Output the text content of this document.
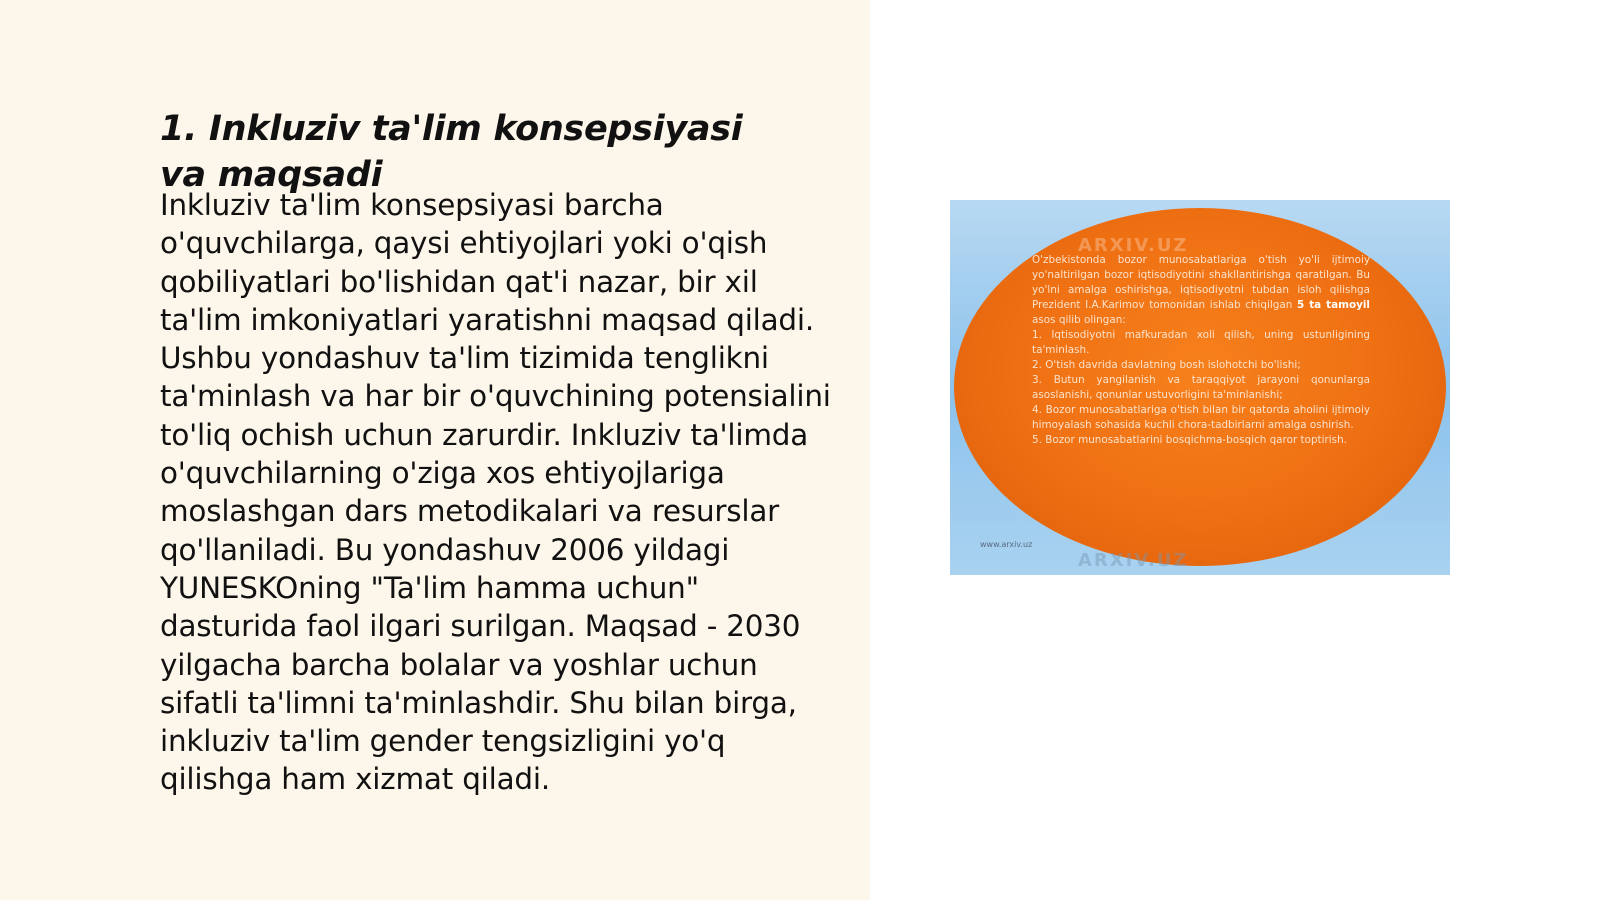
1. Inkluziv ta'lim konsepsiyasi va maqsadi

Inkluziv ta'lim konsepsiyasi barcha o'quvchilarga, qaysi ehtiyojlari yoki o'qish qobiliyatlari bo'lishidan qat'i nazar, bir xil ta'lim imkoniyatlari yaratishni maqsad qiladi. Ushbu yondashuv ta'lim tizimida tenglikni ta'minlash va har bir o'quvchining potensialini to'liq ochish uchun zarurdir. Inkluziv ta'limda o'quvchilarning o'ziga xos ehtiyojlariga moslashgan dars metodikalari va resurslar qo'llaniladi. Bu yondashuv 2006 yildagi YUNESKOning "Ta'lim hamma uchun" dasturida faol ilgari surilgan. Maqsad - 2030 yilgacha barcha bolalar va yoshlar uchun sifatli ta'limni ta'minlashdir. Shu bilan birga, inkluziv ta'lim gender tengsizligini yo'q qilishga ham xizmat qiladi.

ARXIV.UZ

O'zbekistonda bozor munosabatlariga o'tish yo'li ijtimoiy yo'naltirilgan bozor iqtisodiyotini shakllantirishga qaratilgan. Bu yo'lni amalga oshirishga, iqtisodiyotni tubdan isloh qilishga Prezident I.A.Karimov tomonidan ishlab chiqilgan 5 ta tamoyil asos qilib olingan:

1. Iqtisodiyotni mafkuradan xoli qilish, uning ustunligining ta'minlash.

2. O'tish davrida davlatning bosh islohotchi bo'lishi;

3. Butun yangilanish va taraqqiyot jarayoni qonunlarga asoslanishi, qonunlar ustuvorligini ta'minlanishi;

4. Bozor munosabatlariga o'tish bilan bir qatorda aholini ijtimoiy himoyalash sohasida kuchli chora-tadbirlarni amalga oshirish.

5. Bozor munosabatlarini bosqichma-bosqich qaror toptirish.

www.arxiv.uz
ARXIV.UZ
